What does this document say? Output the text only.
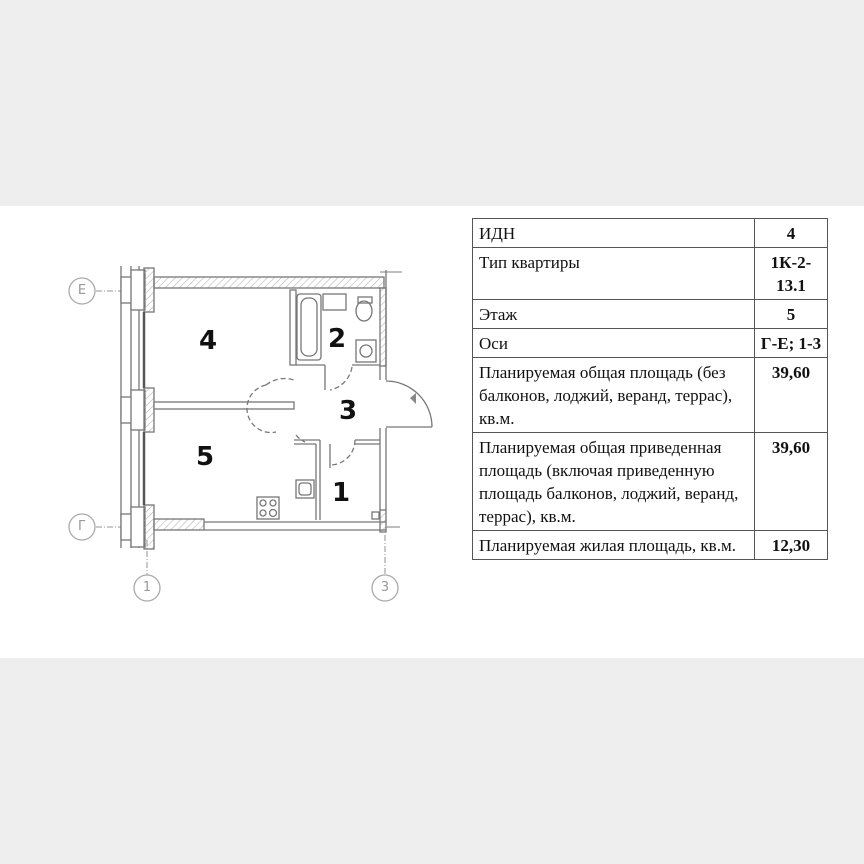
Е
Г
1	3
4	2
3
5
1
ИДН	4
Тип квартиры	1К-2-13.1
Этаж	5
Оси	Г-Е; 1-3
Планируемая общая площадь (без балконов, лоджий, веранд, террас), кв.м.	39,60
Планируемая общая приведенная площадь (включая приведенную площадь балконов, лоджий, веранд, террас), кв.м.	39,60
Планируемая жилая площадь, кв.м.	12,30
